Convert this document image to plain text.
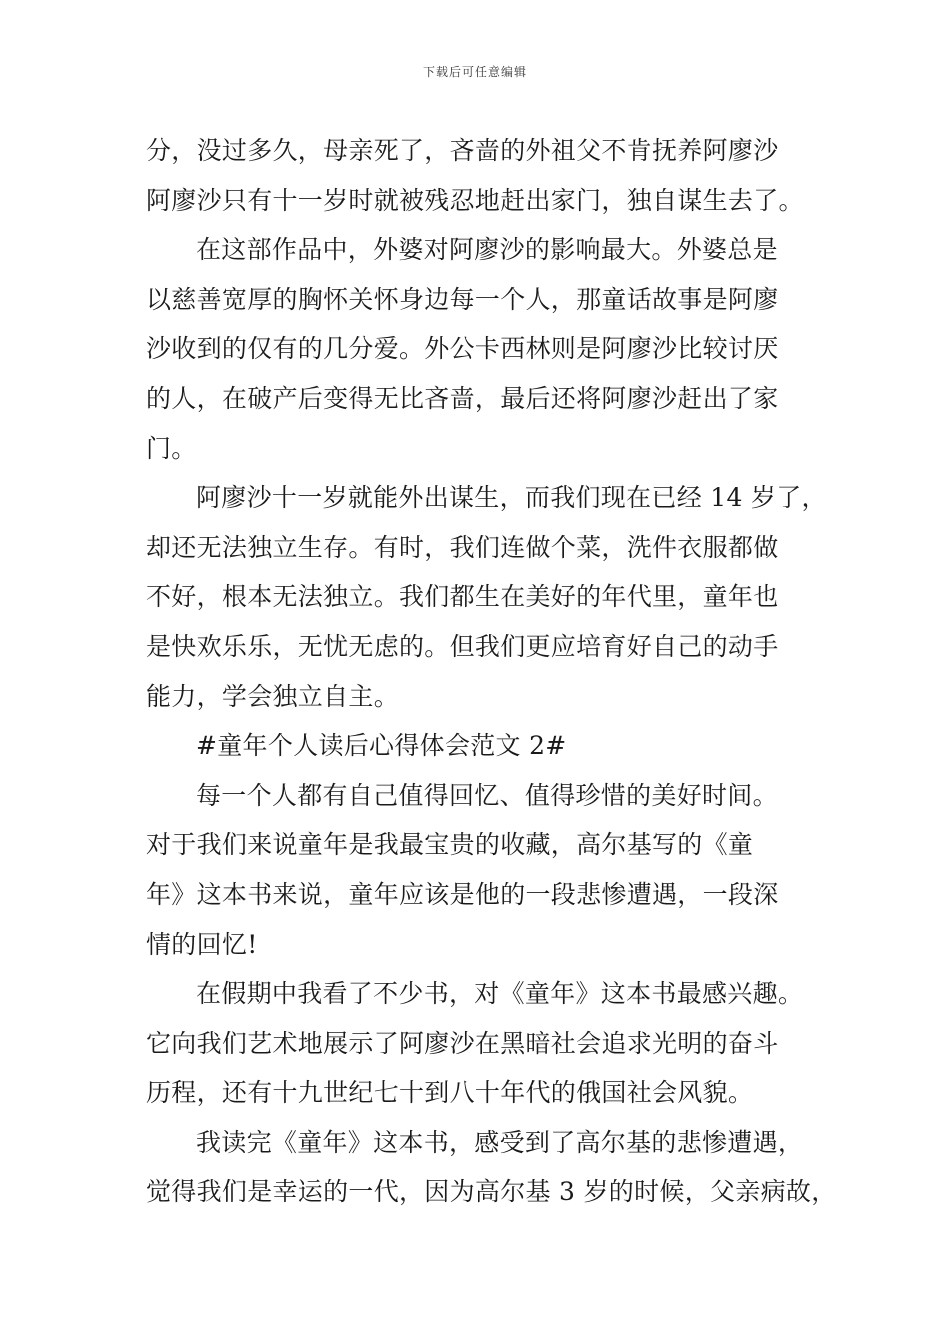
下载后可任意编辑
分，没过多久，母亲死了，吝啬的外祖父不肯抚养阿廖沙
阿廖沙只有十一岁时就被残忍地赶出家门，独自谋生去了。
在这部作品中，外婆对阿廖沙的影响最大。外婆总是
以慈善宽厚的胸怀关怀身边每一个人，那童话故事是阿廖
沙收到的仅有的几分爱。外公卡西林则是阿廖沙比较讨厌
的人，在破产后变得无比吝啬，最后还将阿廖沙赶出了家
门。
阿廖沙十一岁就能外出谋生，而我们现在已经 14 岁了，
却还无法独立生存。有时，我们连做个菜，洗件衣服都做
不好，根本无法独立。我们都生在美好的年代里，童年也
是快欢乐乐，无忧无虑的。但我们更应培育好自己的动手
能力，学会独立自主。
#童年个人读后心得体会范文 2#
每一个人都有自己值得回忆、值得珍惜的美好时间。
对于我们来说童年是我最宝贵的收藏，高尔基写的《童
年》这本书来说，童年应该是他的一段悲惨遭遇，一段深
情的回忆!
在假期中我看了不少书，对《童年》这本书最感兴趣。
它向我们艺术地展示了阿廖沙在黑暗社会追求光明的奋斗
历程，还有十九世纪七十到八十年代的俄国社会风貌。
我读完《童年》这本书，感受到了高尔基的悲惨遭遇，
觉得我们是幸运的一代，因为高尔基 3 岁的时候，父亲病故，
